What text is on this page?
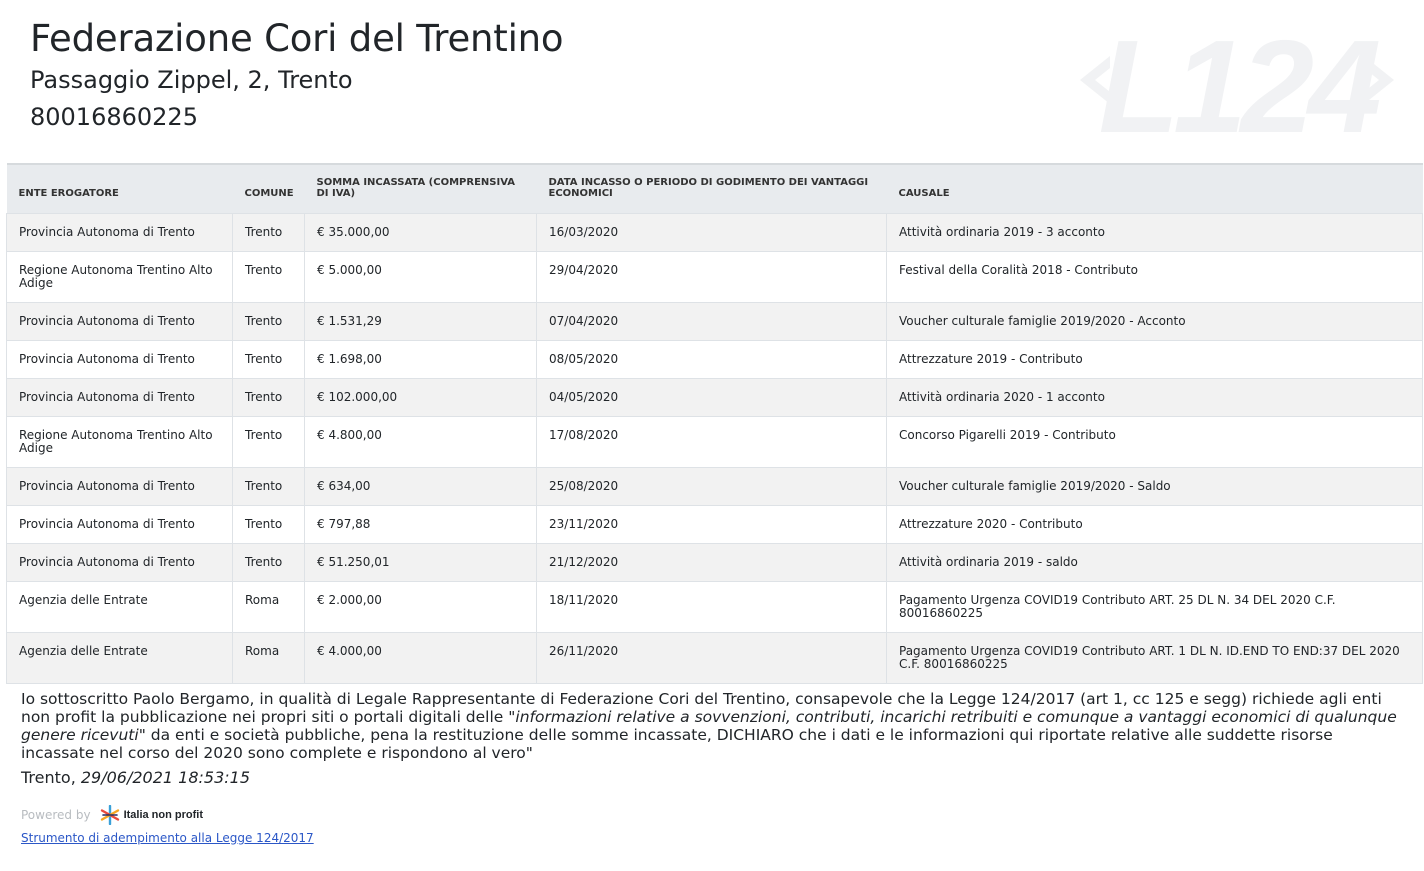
L124
Federazione Cori del Trentino
Passaggio Zippel, 2, Trento
80016860225
ENTE EROGATORE	COMUNE	SOMMA INCASSATA (COMPRENSIVA DI IVA)	DATA INCASSO O PERIODO DI GODIMENTO DEI VANTAGGI ECONOMICI	CAUSALE
Provincia Autonoma di Trento	Trento	€ 35.000,00	16/03/2020	Attività ordinaria 2019 - 3 acconto
Regione Autonoma Trentino Alto Adige	Trento	€ 5.000,00	29/04/2020	Festival della Coralità 2018 - Contributo
Provincia Autonoma di Trento	Trento	€ 1.531,29	07/04/2020	Voucher culturale famiglie 2019/2020 - Acconto
Provincia Autonoma di Trento	Trento	€ 1.698,00	08/05/2020	Attrezzature 2019 - Contributo
Provincia Autonoma di Trento	Trento	€ 102.000,00	04/05/2020	Attività ordinaria 2020 - 1 acconto
Regione Autonoma Trentino Alto Adige	Trento	€ 4.800,00	17/08/2020	Concorso Pigarelli 2019 - Contributo
Provincia Autonoma di Trento	Trento	€ 634,00	25/08/2020	Voucher culturale famiglie 2019/2020 - Saldo
Provincia Autonoma di Trento	Trento	€ 797,88	23/11/2020	Attrezzature 2020 - Contributo
Provincia Autonoma di Trento	Trento	€ 51.250,01	21/12/2020	Attività ordinaria 2019 - saldo
Agenzia delle Entrate	Roma	€ 2.000,00	18/11/2020	Pagamento Urgenza COVID19 Contributo ART. 25 DL N. 34 DEL 2020 C.F. 80016860225
Agenzia delle Entrate	Roma	€ 4.000,00	26/11/2020	Pagamento Urgenza COVID19 Contributo ART. 1 DL N. ID.END TO END:37 DEL 2020 C.F. 80016860225

Io sottoscritto Paolo Bergamo, in qualità di Legale Rappresentante di Federazione Cori del Trentino, consapevole che la Legge 124/2017 (art 1, cc 125 e segg) richiede agli enti non profit la pubblicazione nei propri siti o portali digitali delle "informazioni relative a sovvenzioni, contributi, incarichi retribuiti e comunque a vantaggi economici di qualunque genere ricevuti" da enti e società pubbliche, pena la restituzione delle somme incassate, DICHIARO che i dati e le informazioni qui riportate relative alle suddette risorse incassate nel corso del 2020 sono complete e rispondono al vero"

Trento, 29/06/2021 18:53:15

Powered by	Italia non profit
Strumento di adempimento alla Legge 124/2017
